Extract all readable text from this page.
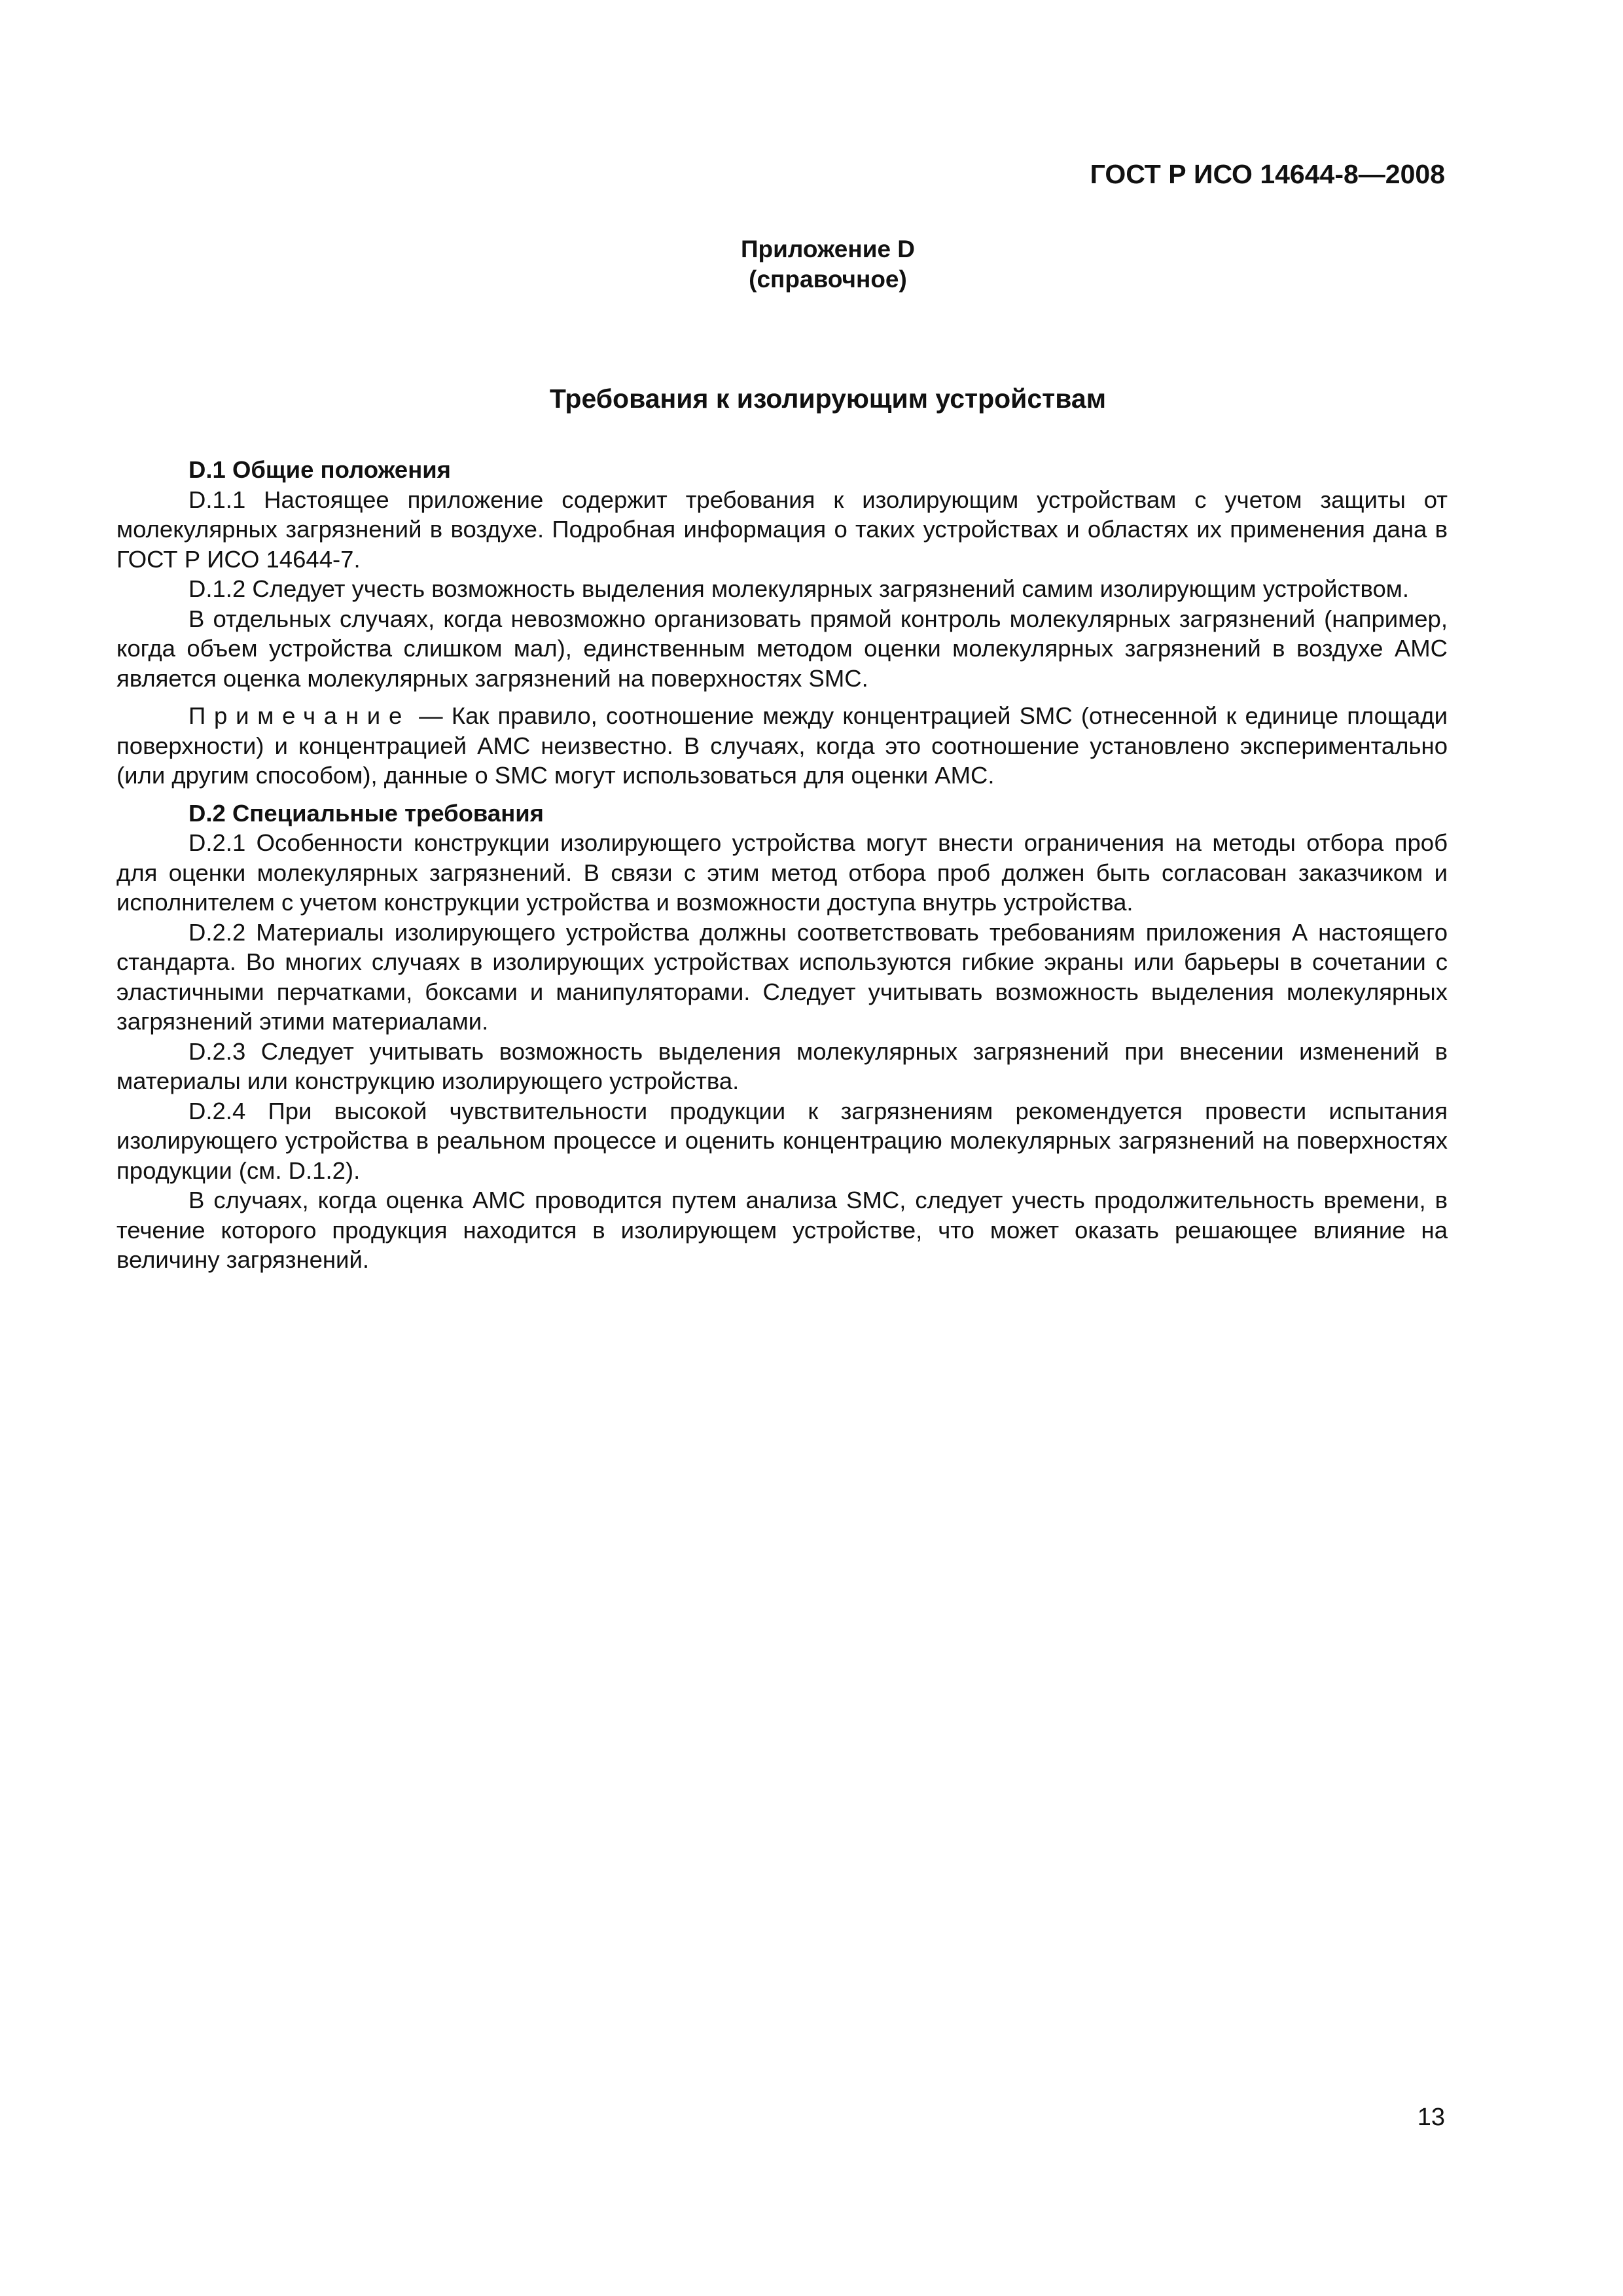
ГОСТ Р ИСО 14644-8—2008
Приложение D
(справочное)
Требования к изолирующим устройствам

D.1 Общие положения

D.1.1 Настоящее приложение содержит требования к изолирующим устройствам с учетом защиты от молекулярных загрязнений в воздухе. Подробная информация о таких устройствах и областях их применения дана в ГОСТ Р ИСО 14644-7.

D.1.2 Следует учесть возможность выделения молекулярных загрязнений самим изолирующим устройством.

В отдельных случаях, когда невозможно организовать прямой контроль молекулярных загрязнений (например, когда объем устройства слишком мал), единственным методом оценки молекулярных загрязнений в воздухе АМС является оценка молекулярных загрязнений на поверхностях SMC.

Примечание — Как правило, соотношение между концентрацией SMC (отнесенной к единице площади поверхности) и концентрацией АМС неизвестно. В случаях, когда это соотношение установлено экспериментально (или другим способом), данные о SMC могут использоваться для оценки АМС.

D.2 Специальные требования

D.2.1 Особенности конструкции изолирующего устройства могут внести ограничения на методы отбора проб для оценки молекулярных загрязнений. В связи с этим метод отбора проб должен быть согласован заказчиком и исполнителем с учетом конструкции устройства и возможности доступа внутрь устройства.

D.2.2 Материалы изолирующего устройства должны соответствовать требованиям приложения А настоящего стандарта. Во многих случаях в изолирующих устройствах используются гибкие экраны или барьеры в сочетании с эластичными перчатками, боксами и манипуляторами. Следует учитывать возможность выделения молекулярных загрязнений этими материалами.

D.2.3 Следует учитывать возможность выделения молекулярных загрязнений при внесении изменений в материалы или конструкцию изолирующего устройства.

D.2.4 При высокой чувствительности продукции к загрязнениям рекомендуется провести испытания изолирующего устройства в реальном процессе и оценить концентрацию молекулярных загрязнений на поверхностях продукции (см. D.1.2).

В случаях, когда оценка АМС проводится путем анализа SMC, следует учесть продолжительность времени, в течение которого продукция находится в изолирующем устройстве, что может оказать решающее влияние на величину загрязнений.

13
